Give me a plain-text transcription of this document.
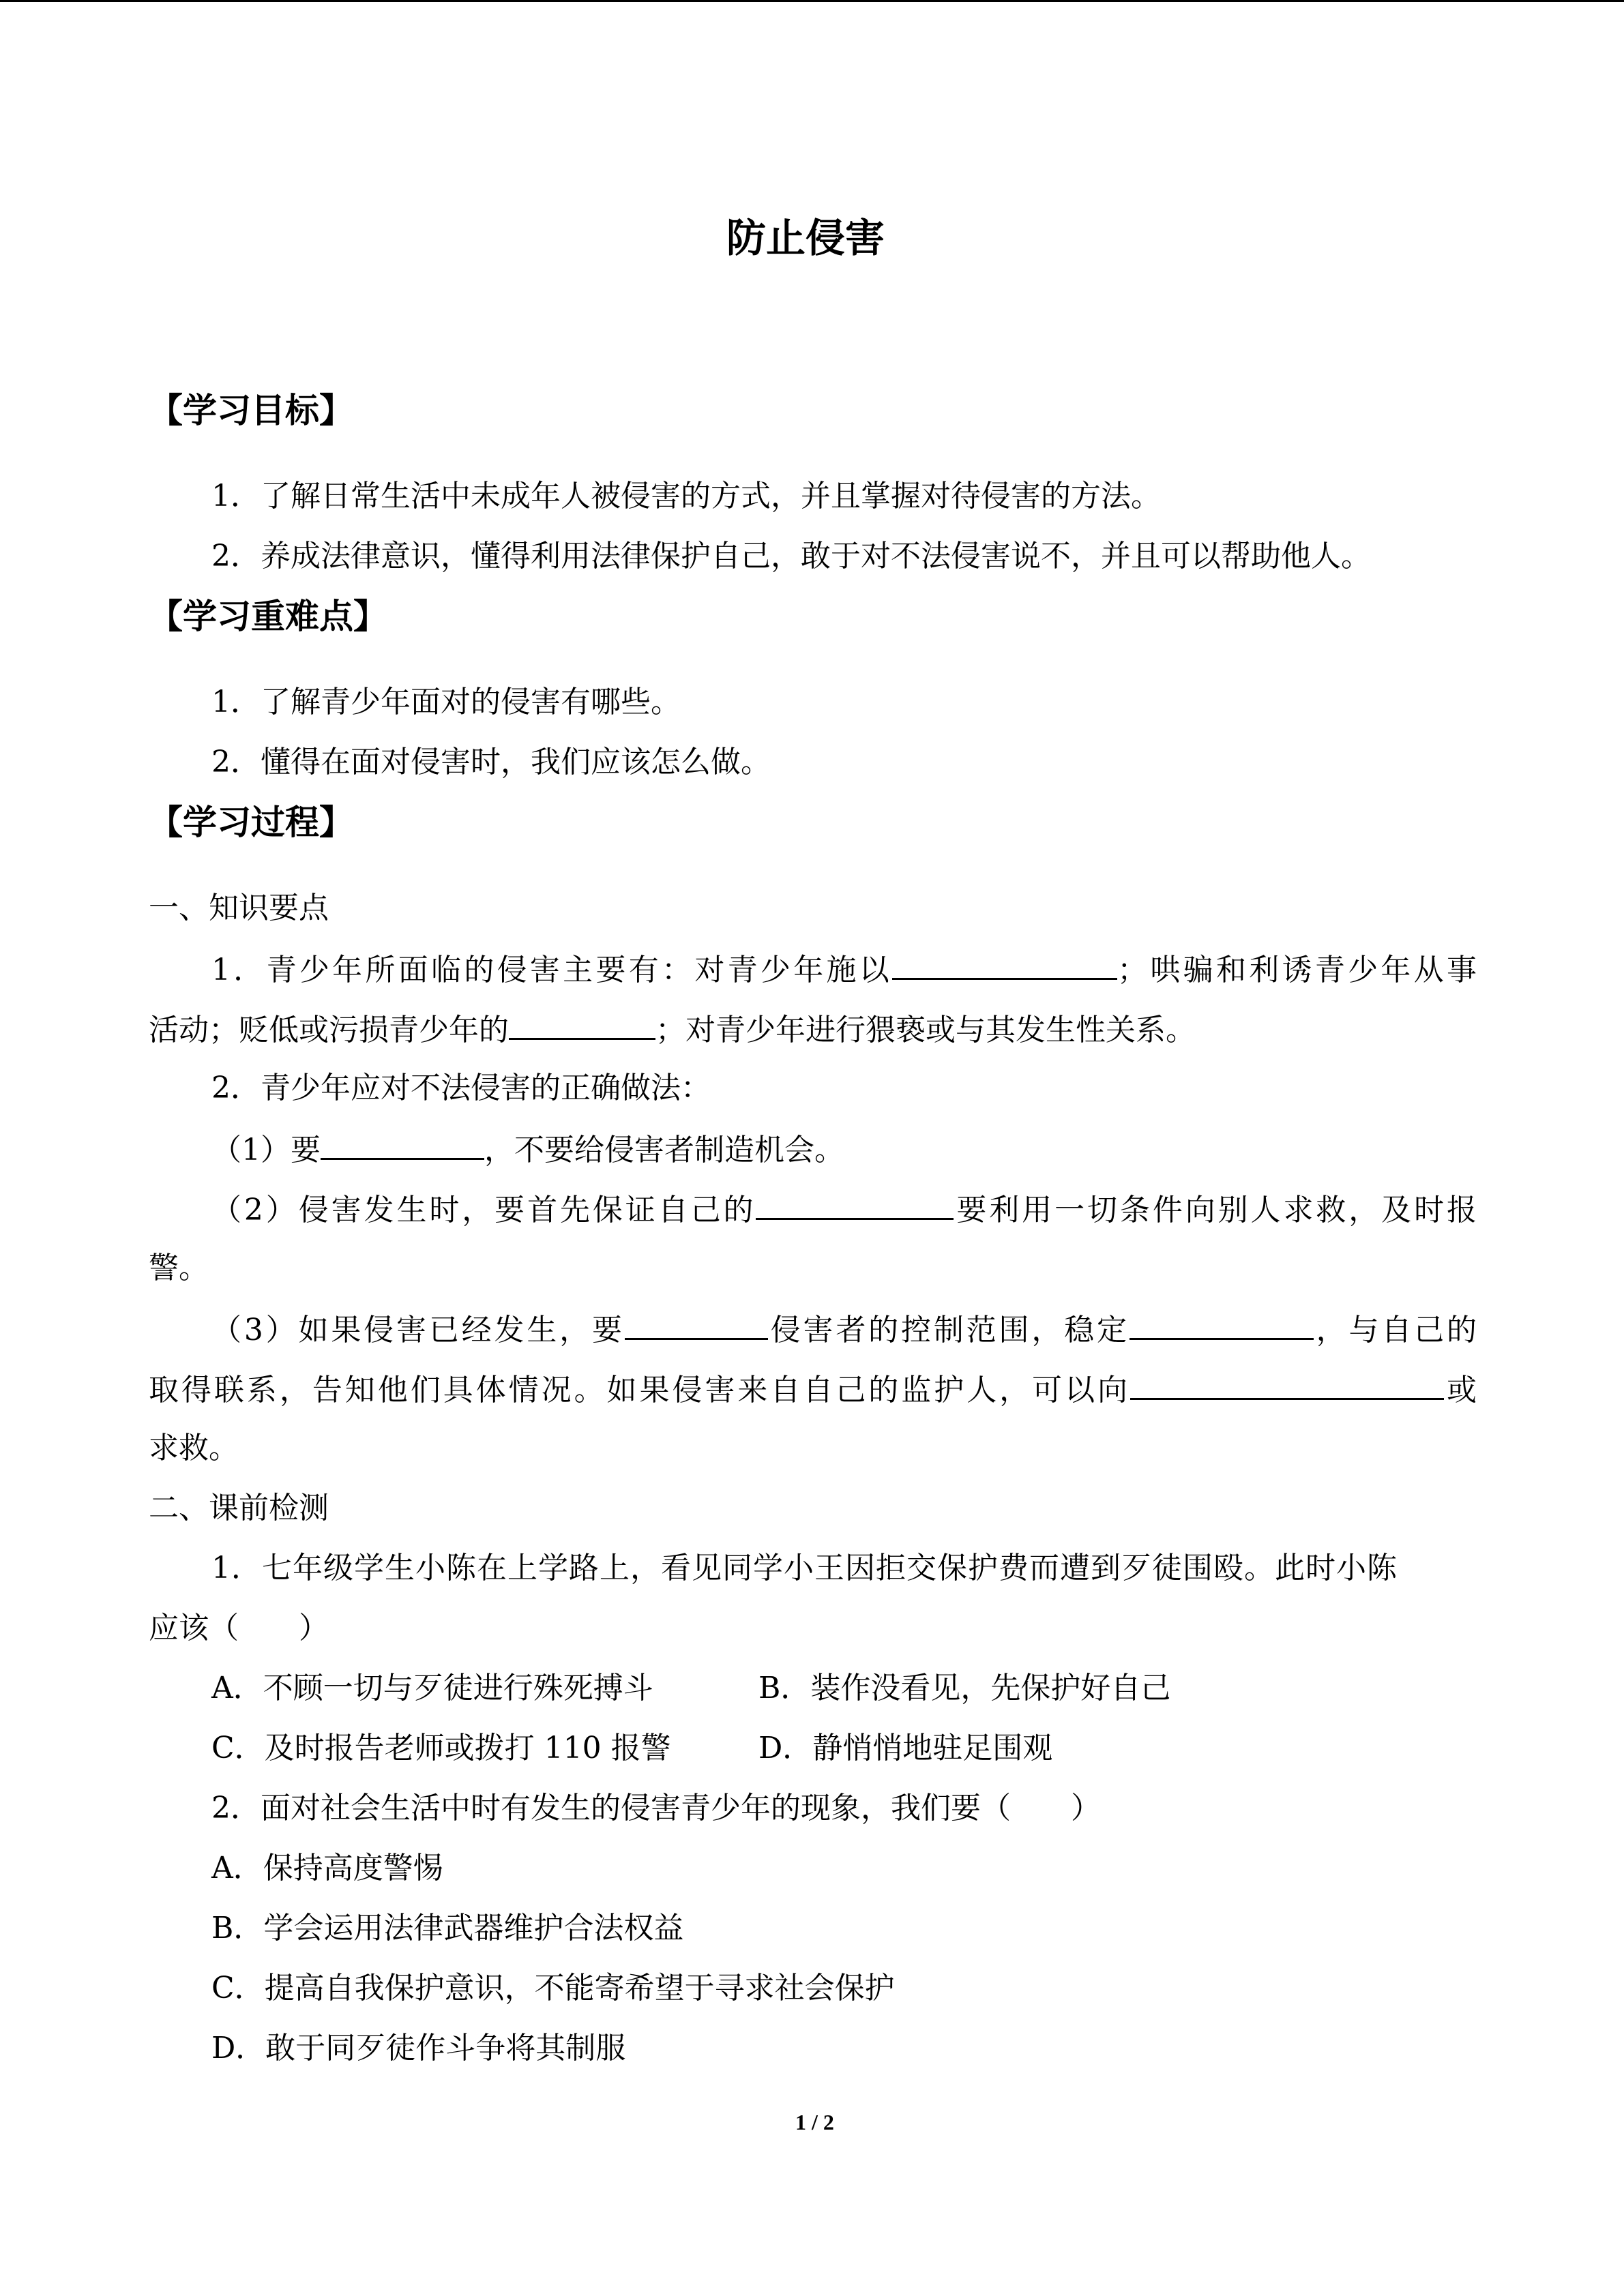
防止侵害
【学习目标】
1．了解日常生活中未成年人被侵害的方式，并且掌握对待侵害的方法。
2．养成法律意识，懂得利用法律保护自己，敢于对不法侵害说不，并且可以帮助他人。
【学习重难点】
1．了解青少年面对的侵害有哪些。
2．懂得在面对侵害时，我们应该怎么做。
【学习过程】
一、知识要点
1．青少年所面临的侵害主要有：对青少年施以	；哄骗和利诱青少年从事
活动；贬低或污损青少年的	；对青少年进行猥亵或与其发生性关系。
2．青少年应对不法侵害的正确做法：
（1）要	，不要给侵害者制造机会。
（2）侵害发生时，要首先保证自己的	要利用一切条件向别人求救，及时报
警。
（3）如果侵害已经发生，要	侵害者的控制范围，稳定	，与自己的
取得联系，告知他们具体情况。如果侵害来自自己的监护人，可以向	或
求救。
二、课前检测
1．七年级学生小陈在上学路上，看见同学小王因拒交保护费而遭到歹徒围殴。此时小陈
应该（　　）
A．不顾一切与歹徒进行殊死搏斗	B．装作没看见，先保护好自己
C．及时报告老师或拨打 110 报警	D．静悄悄地驻足围观
2．面对社会生活中时有发生的侵害青少年的现象，我们要（　　）
A．保持高度警惕
B．学会运用法律武器维护合法权益
C．提高自我保护意识，不能寄希望于寻求社会保护
D．敢于同歹徒作斗争将其制服
1 / 2
